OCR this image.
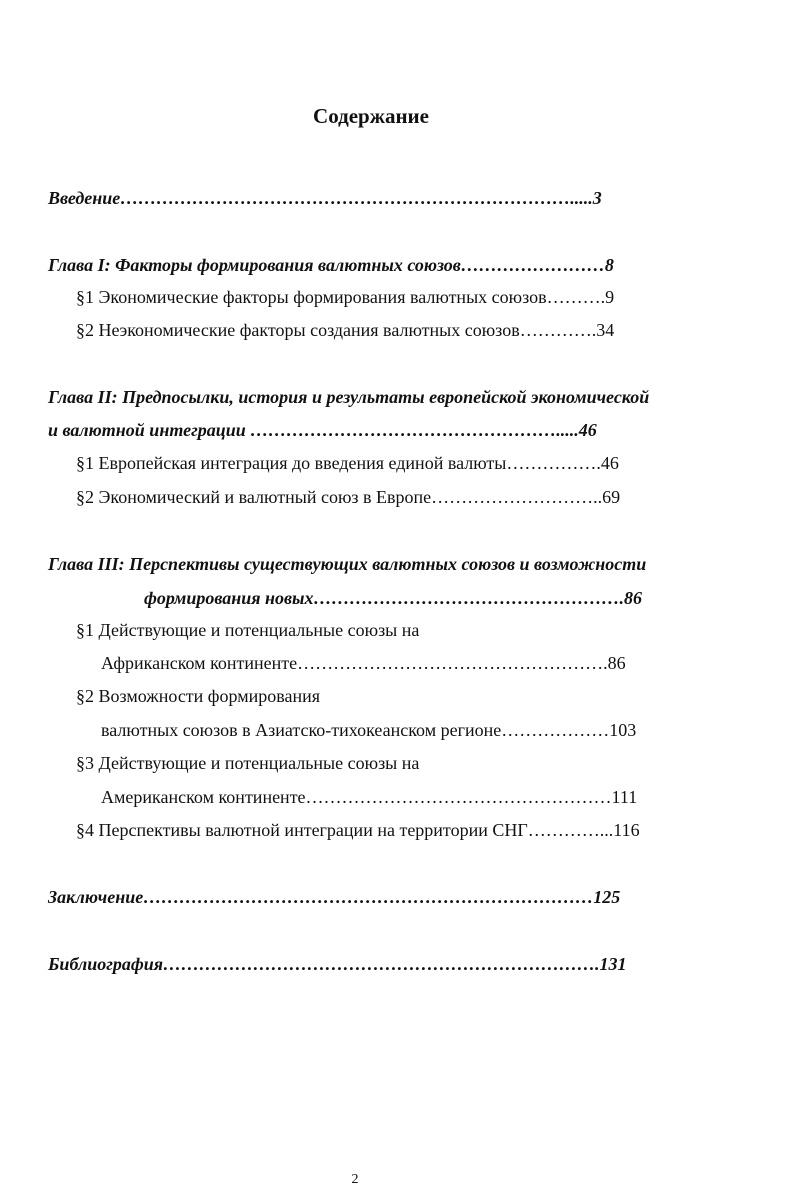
Содержание
Введение………………………………………………………………….....3
Глава I: Факторы формирования валютных союзов……………………8
§1 Экономические факторы формирования валютных союзов……….9
§2 Неэкономические факторы создания валютных союзов………….34
Глава II: Предпосылки, история и результаты европейской экономической
и валютной интеграции …………………………………………….....46
§1 Европейская интеграция до введения единой валюты…………….46
§2 Экономический и валютный союз в Европе………………………..69
Глава III: Перспективы существующих валютных союзов и возможности
формирования новых…………………………………………….86
§1 Действующие и потенциальные союзы на
Африканском континенте…………………………………………….86
§2 Возможности формирования
валютных союзов в Азиатско-тихокеанском регионе………………103
§3 Действующие и потенциальные союзы на
Американском континенте……………………………………………111
§4 Перспективы валютной интеграции на территории СНГ…………...116
Заключение…………………………………………………………………125
Библиография……………………………………………………………….131
2
